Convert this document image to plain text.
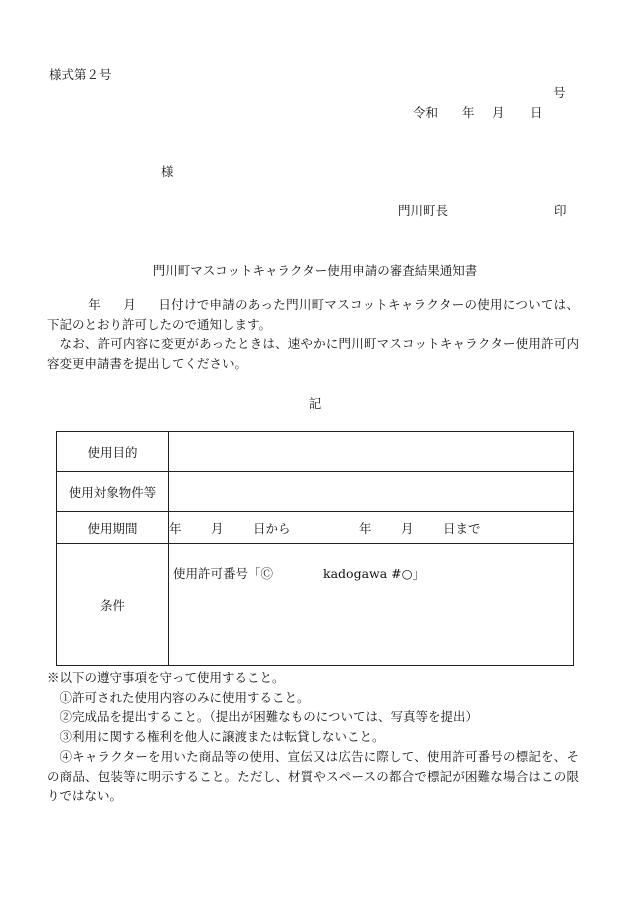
様式第２号
号
令和 年 月 日
様
門川町長	印
門川町マスコットキャラクター使用申請の審査結果通知書
年 月 日付けで申請のあった門川町マスコットキャラクターの使用については、下記のとおり許可したので通知します。
なお、許可内容に変更があったときは、速やかに門川町マスコットキャラクター使用許可内容変更申請書を提出してください。
記
使用目的	
使用対象物件等	
使用期間	年 月 日から 年 月 日まで
条件	使用許可番号「Ⓒ kadogawa #○」
※以下の遵守事項を守って使用すること。
①許可された使用内容のみに使用すること。
②完成品を提出すること。（提出が困難なものについては、写真等を提出）
③利用に関する権利を他人に譲渡または転貸しないこと。
④キャラクターを用いた商品等の使用、宣伝又は広告に際して、使用許可番号の標記を、その商品、包装等に明示すること。ただし、材質やスペースの都合で標記が困難な場合はこの限りではない。
